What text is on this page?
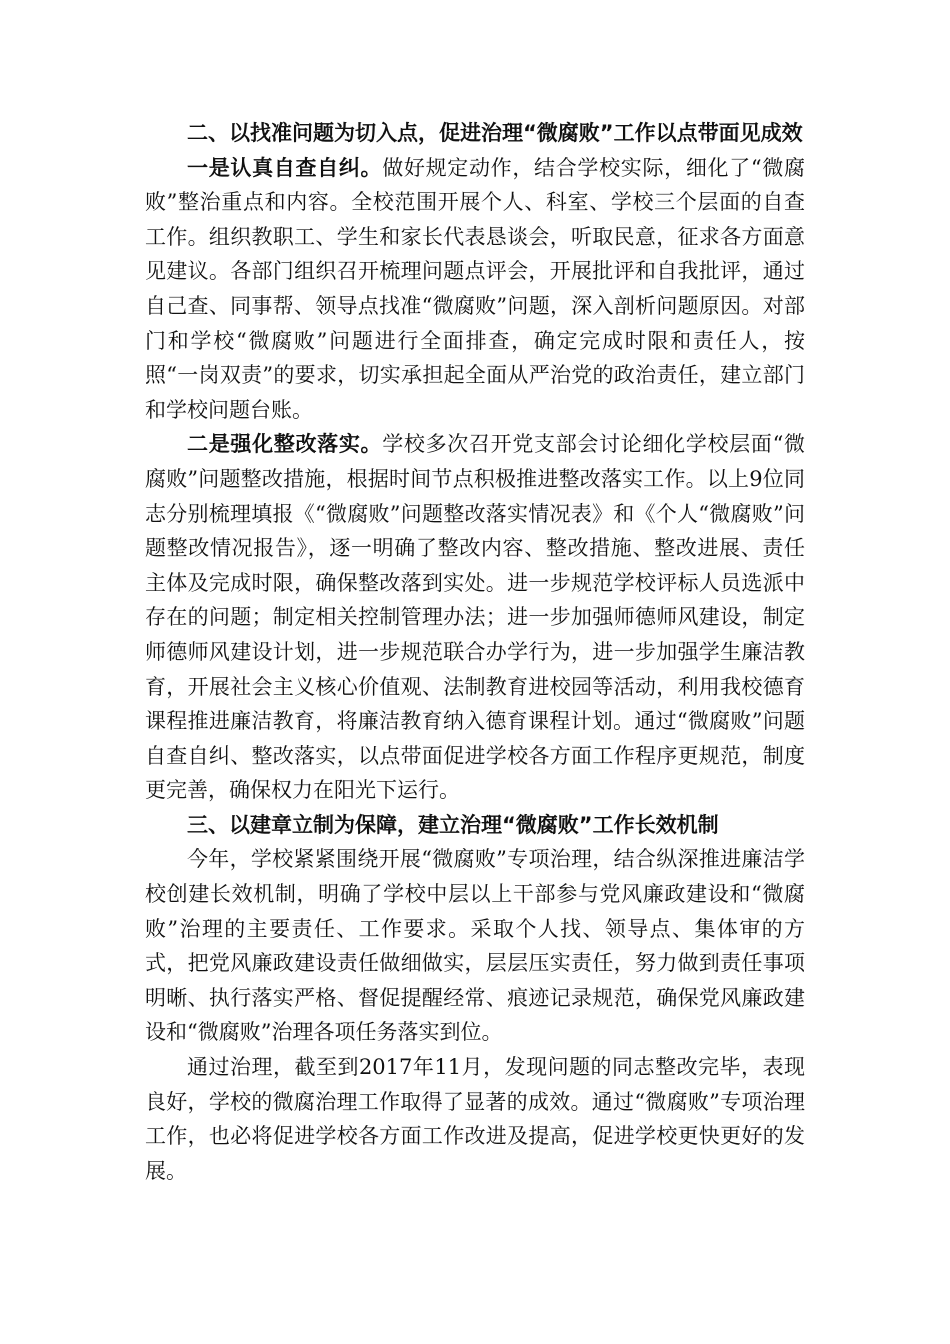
二、以找准问题为切入点，促进治理“微腐败”工作以点带面见成效

一是认真自查自纠。做好规定动作，结合学校实际，细化了“微腐败”整治重点和内容。全校范围开展个人、科室、学校三个层面的自查工作。组织教职工、学生和家长代表恳谈会，听取民意，征求各方面意见建议。各部门组织召开梳理问题点评会，开展批评和自我批评，通过自己查、同事帮、领导点找准“微腐败”问题，深入剖析问题原因。对部门和学校“微腐败”问题进行全面排查，确定完成时限和责任人，按照“一岗双责”的要求，切实承担起全面从严治党的政治责任，建立部门和学校问题台账。

二是强化整改落实。学校多次召开党支部会讨论细化学校层面“微腐败”问题整改措施，根据时间节点积极推进整改落实工作。以上9位同志分别梳理填报《“微腐败”问题整改落实情况表》和《个人“微腐败”问题整改情况报告》，逐一明确了整改内容、整改措施、整改进展、责任主体及完成时限，确保整改落到实处。进一步规范学校评标人员选派中存在的问题；制定相关控制管理办法；进一步加强师德师风建设，制定师德师风建设计划，进一步规范联合办学行为，进一步加强学生廉洁教育，开展社会主义核心价值观、法制教育进校园等活动，利用我校德育课程推进廉洁教育，将廉洁教育纳入德育课程计划。通过“微腐败”问题自查自纠、整改落实，以点带面促进学校各方面工作程序更规范，制度更完善，确保权力在阳光下运行。

三、以建章立制为保障，建立治理“微腐败”工作长效机制

今年，学校紧紧围绕开展“微腐败”专项治理，结合纵深推进廉洁学校创建长效机制，明确了学校中层以上干部参与党风廉政建设和“微腐败”治理的主要责任、工作要求。采取个人找、领导点、集体审的方式，把党风廉政建设责任做细做实，层层压实责任，努力做到责任事项明晰、执行落实严格、督促提醒经常、痕迹记录规范，确保党风廉政建设和“微腐败”治理各项任务落实到位。

通过治理，截至到2017年11月，发现问题的同志整改完毕，表现良好，学校的微腐治理工作取得了显著的成效。通过“微腐败”专项治理工作，也必将促进学校各方面工作改进及提高，促进学校更快更好的发展。
